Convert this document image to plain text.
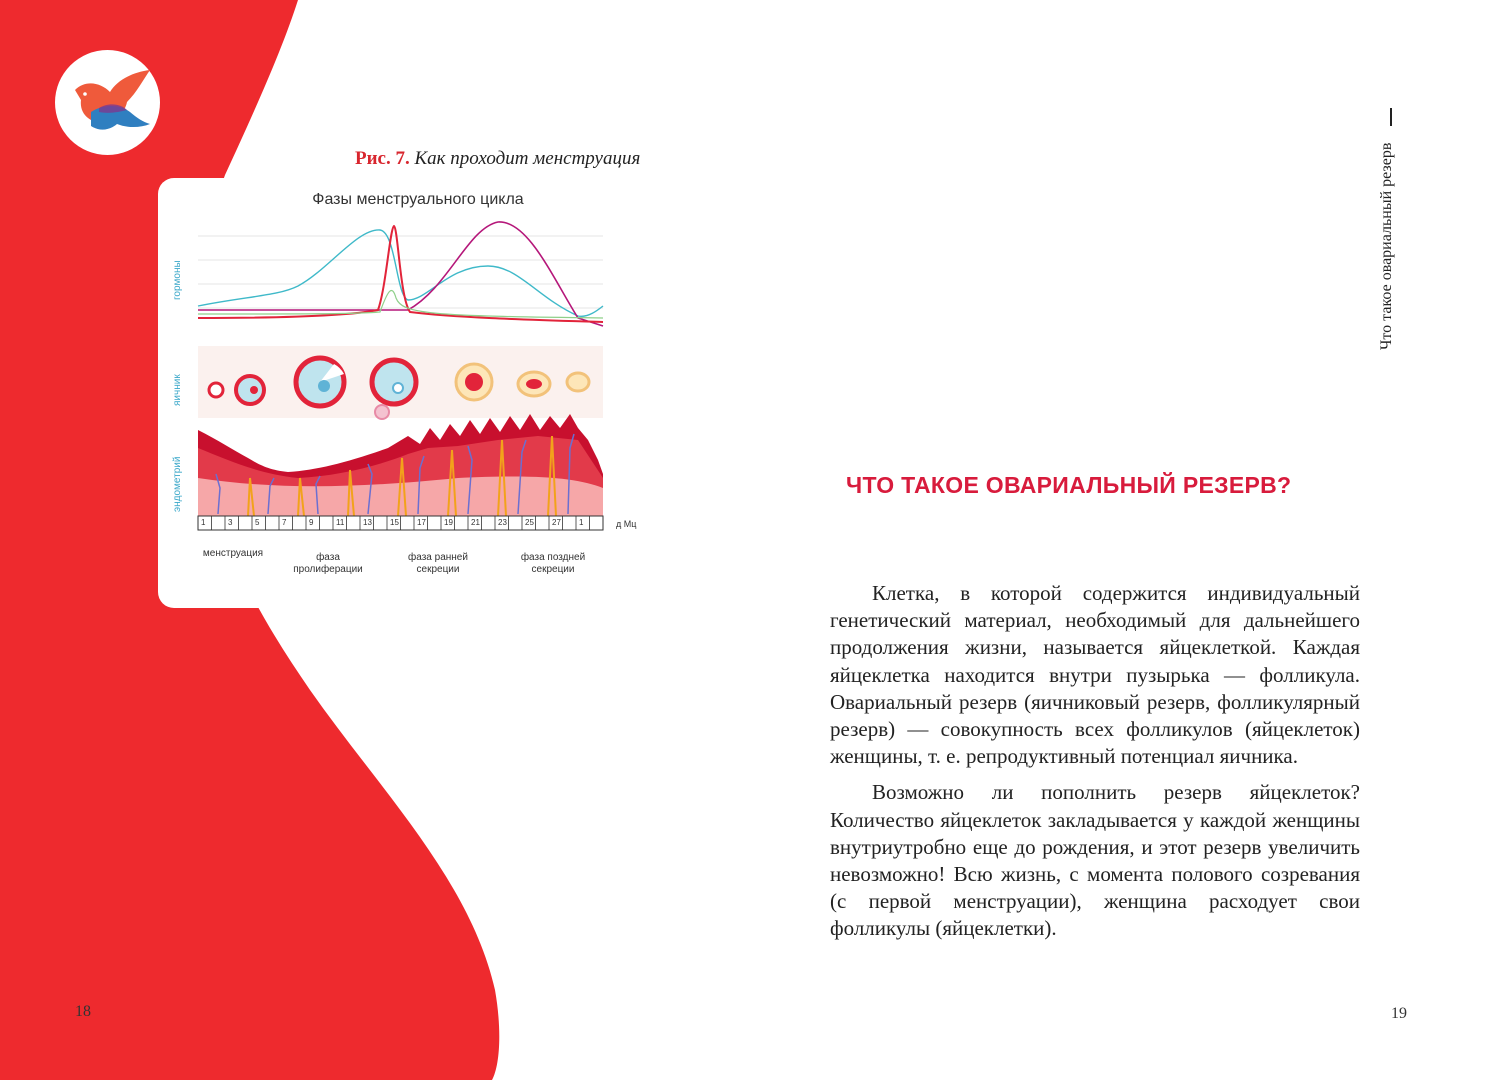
Рис. 7. Как проходит менструация
Фазы менструального цикла
гормоны
яичник
эндометрий
1	3	5	7	9	11 13 15 17 19 21 23 25 27 1	д Мц
менструация	фаза
пролиферации
фаза ранней
секреции
фаза поздней
секреции
18
Что такое овариальный резерв
ЧТО ТАКОЕ ОВАРИАЛЬНЫЙ РЕЗЕРВ?

Клетка, в которой содержится индивидуальный генетический материал, необходимый для дальнейшего продолжения жизни, называется яйцеклеткой. Каждая яйцеклетка находится внутри пузырька — фолликула. Овариальный резерв (яичниковый резерв, фолликулярный резерв) — совокупность всех фолликулов (яйцеклеток) женщины, т. е. репродуктивный потенциал яичника.

Возможно ли пополнить резерв яйцеклеток? Количество яйцеклеток закладывается у каждой женщины внутриутробно еще до рождения, и этот резерв увеличить невозможно! Всю жизнь, с момента полового созревания (с первой менструации), женщина расходует свои фолликулы (яйцеклетки).

19
